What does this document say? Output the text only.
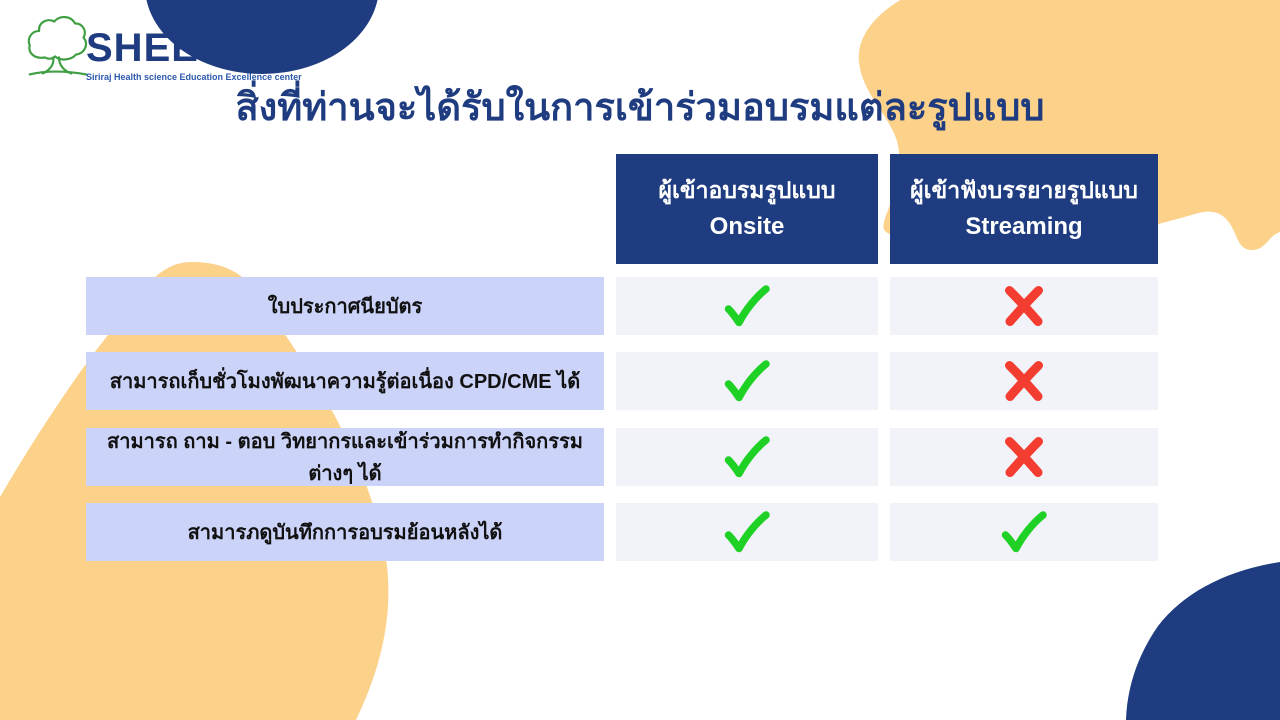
SHEE
Siriraj Health science Education Excellence center
สิ่งที่ท่านจะได้รับในการเข้าร่วมอบรมแต่ละรูปแบบ
ผู้เข้าอบรมรูปแบบ
Onsite
ผู้เข้าฟังบรรยายรูปแบบ
Streaming
ใบประกาศนียบัตร
สามารถเก็บชั่วโมงพัฒนาความรู้ต่อเนื่อง CPD/CME ได้
สามารถ ถาม - ตอบ วิทยากรและเข้าร่วมการทำกิจกรรมต่างๆ ได้
สามารภดูบันทึกการอบรมย้อนหลังได้
